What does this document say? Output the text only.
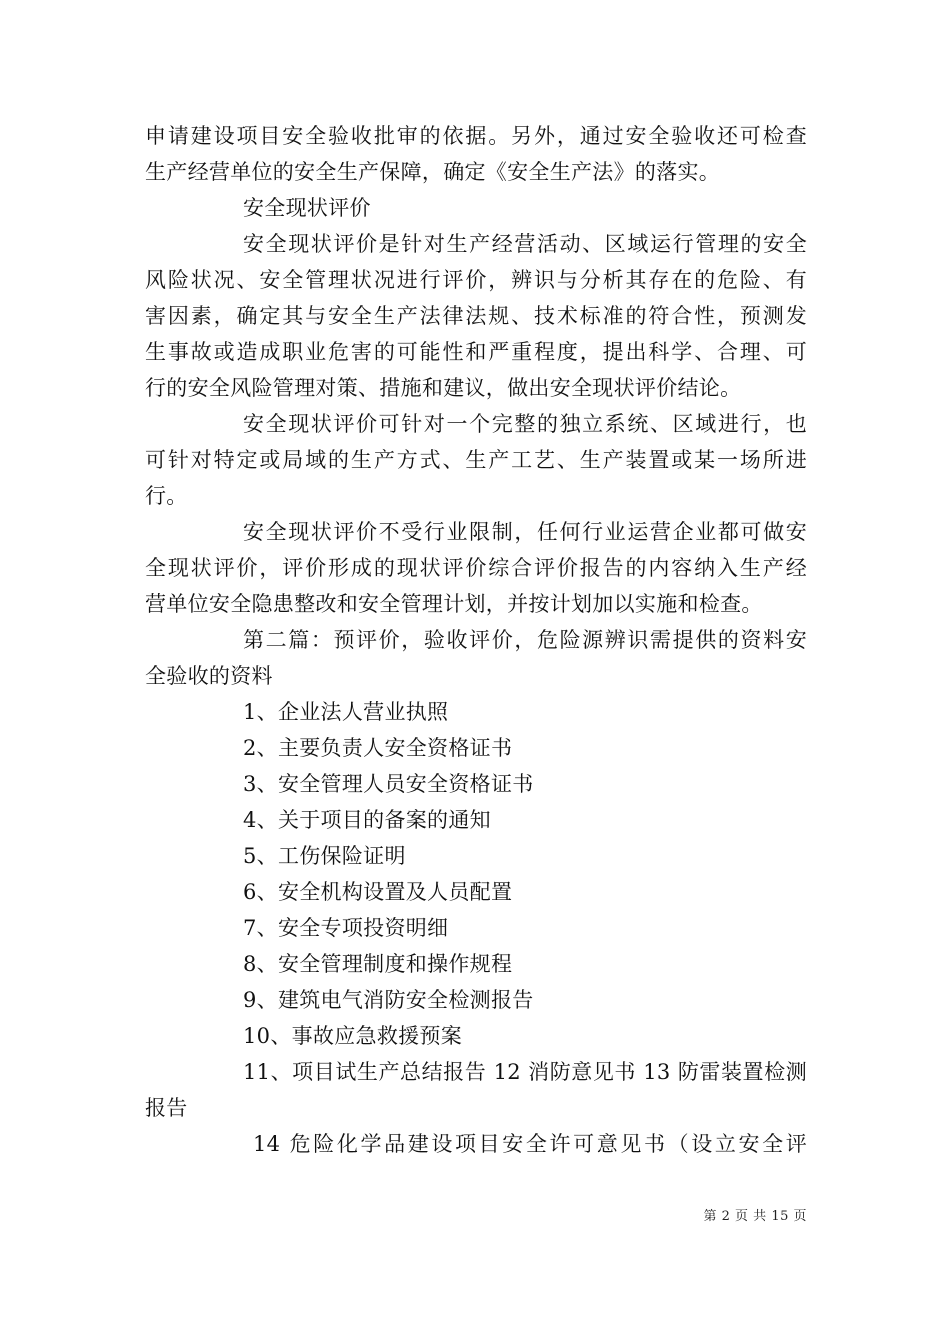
申请建设项目安全验收批审的依据。另外，通过安全验收还可检查
生产经营单位的安全生产保障，确定《安全生产法》的落实。
安全现状评价
安全现状评价是针对生产经营活动、区域运行管理的安全
风险状况、安全管理状况进行评价，辨识与分析其存在的危险、有
害因素，确定其与安全生产法律法规、技术标准的符合性，预测发
生事故或造成职业危害的可能性和严重程度，提出科学、合理、可
行的安全风险管理对策、措施和建议，做出安全现状评价结论。
安全现状评价可针对一个完整的独立系统、区域进行，也
可针对特定或局域的生产方式、生产工艺、生产装置或某一场所进
行。
安全现状评价不受行业限制，任何行业运营企业都可做安
全现状评价，评价形成的现状评价综合评价报告的内容纳入生产经
营单位安全隐患整改和安全管理计划，并按计划加以实施和检查。
第二篇：预评价，验收评价，危险源辨识需提供的资料安
全验收的资料
1、企业法人营业执照
2、主要负责人安全资格证书
3、安全管理人员安全资格证书
4、关于项目的备案的通知
5、工伤保险证明
6、安全机构设置及人员配置
7、安全专项投资明细
8、安全管理制度和操作规程
9、建筑电气消防安全检测报告
10、事故应急救援预案
11、项目试生产总结报告 12 消防意见书 13 防雷装置检测
报告
14 危险化学品建设项目安全许可意见书（设立安全评
第 2 页 共 15 页
